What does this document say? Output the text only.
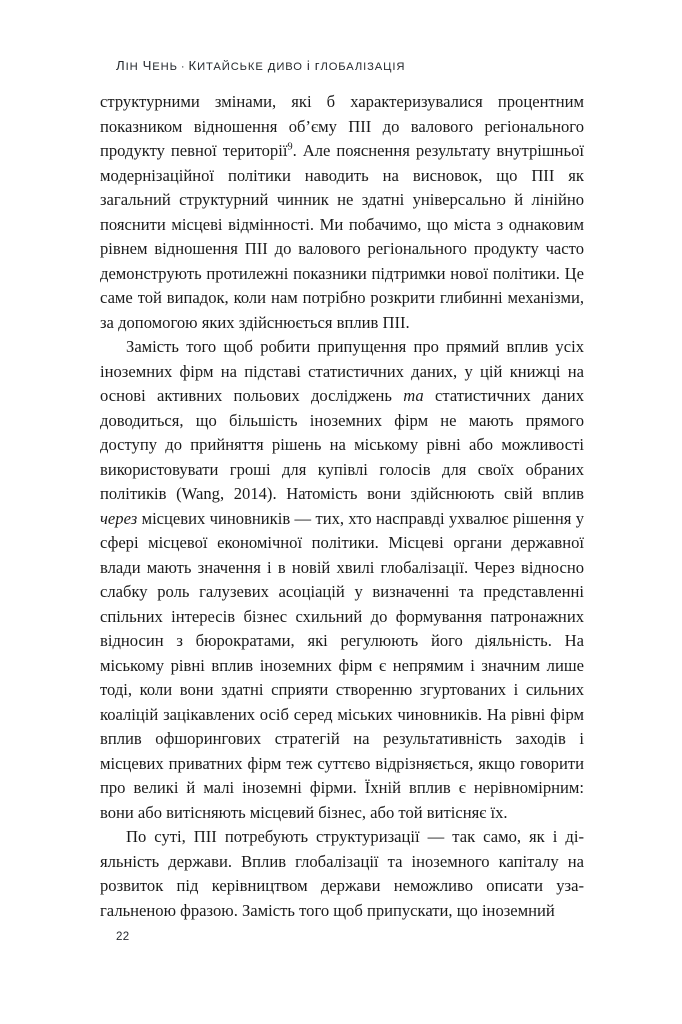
ЛІН ЧЕНЬ · КИТАЙСЬКЕ дИВО і гЛОБАЛІЗАЦІЯ

структурними змінами, які б характеризувалися процентним показником відношення об’єму ПІІ до валового регіонального продукту певної території$^9$. Але пояснення результату внутрішньої модернізаційної політики наводить на висновок, що ПІІ як загальний структурний чинник не здатні універсально й лінійно пояснити місцеві відмінності. Ми побачимо, що міста з однаковим рівнем відношення ПІІ до валового регіонального продукту часто демонструють протилежні показники підтримки нової політики. Це саме той випадок, коли нам потрібно розкрити глибинні механізми, за допомогою яких здійснюється вплив ПІІ.

Замість того щоб робити припущення про прямий вплив усіх іноземних фірм на підставі статистичних даних, у цій книжці на основі активних польових досліджень та статистичних даних доводиться, що більшість іноземних фірм не мають прямого доступу до прийняття рішень на міському рівні або можливості використовувати гроші для купівлі голосів для своїх обраних політиків (Wang, 2014). Натомість вони здійснюють свій вплив через місцевих чиновників — тих, хто насправді ухвалює рішення у сфері місцевої економічної політики. Місцеві органи державної влади мають значення і в новій хвилі глобалізації. Через відносно слабку роль галузевих асоціацій у визначенні та представленні спільних інтересів бізнес схильний до формування патронажних відносин з бюрократами, які регулюють його діяльність. На міському рівні вплив іноземних фірм є непрямим і значним лише тоді, коли вони здатні сприяти створенню згуртованих і сильних коаліцій зацікавлених осіб серед міських чиновників. На рівні фірм вплив офшорингових стратегій на результативність заходів і місцевих приватних фірм теж суттєво відрізняється, якщо говорити про великі й малі іноземні фірми. Їхній вплив є нерівномірним: вони або витісняють місцевий бізнес, або той витісняє їх.

По суті, ПІІ потребують структуризації — так само, як і діяльність держави. Вплив глобалізації та іноземного капіталу на розвиток під керівництвом держави неможливо описати узагальненою фразою. Замість того щоб припускати, що іноземний

22
